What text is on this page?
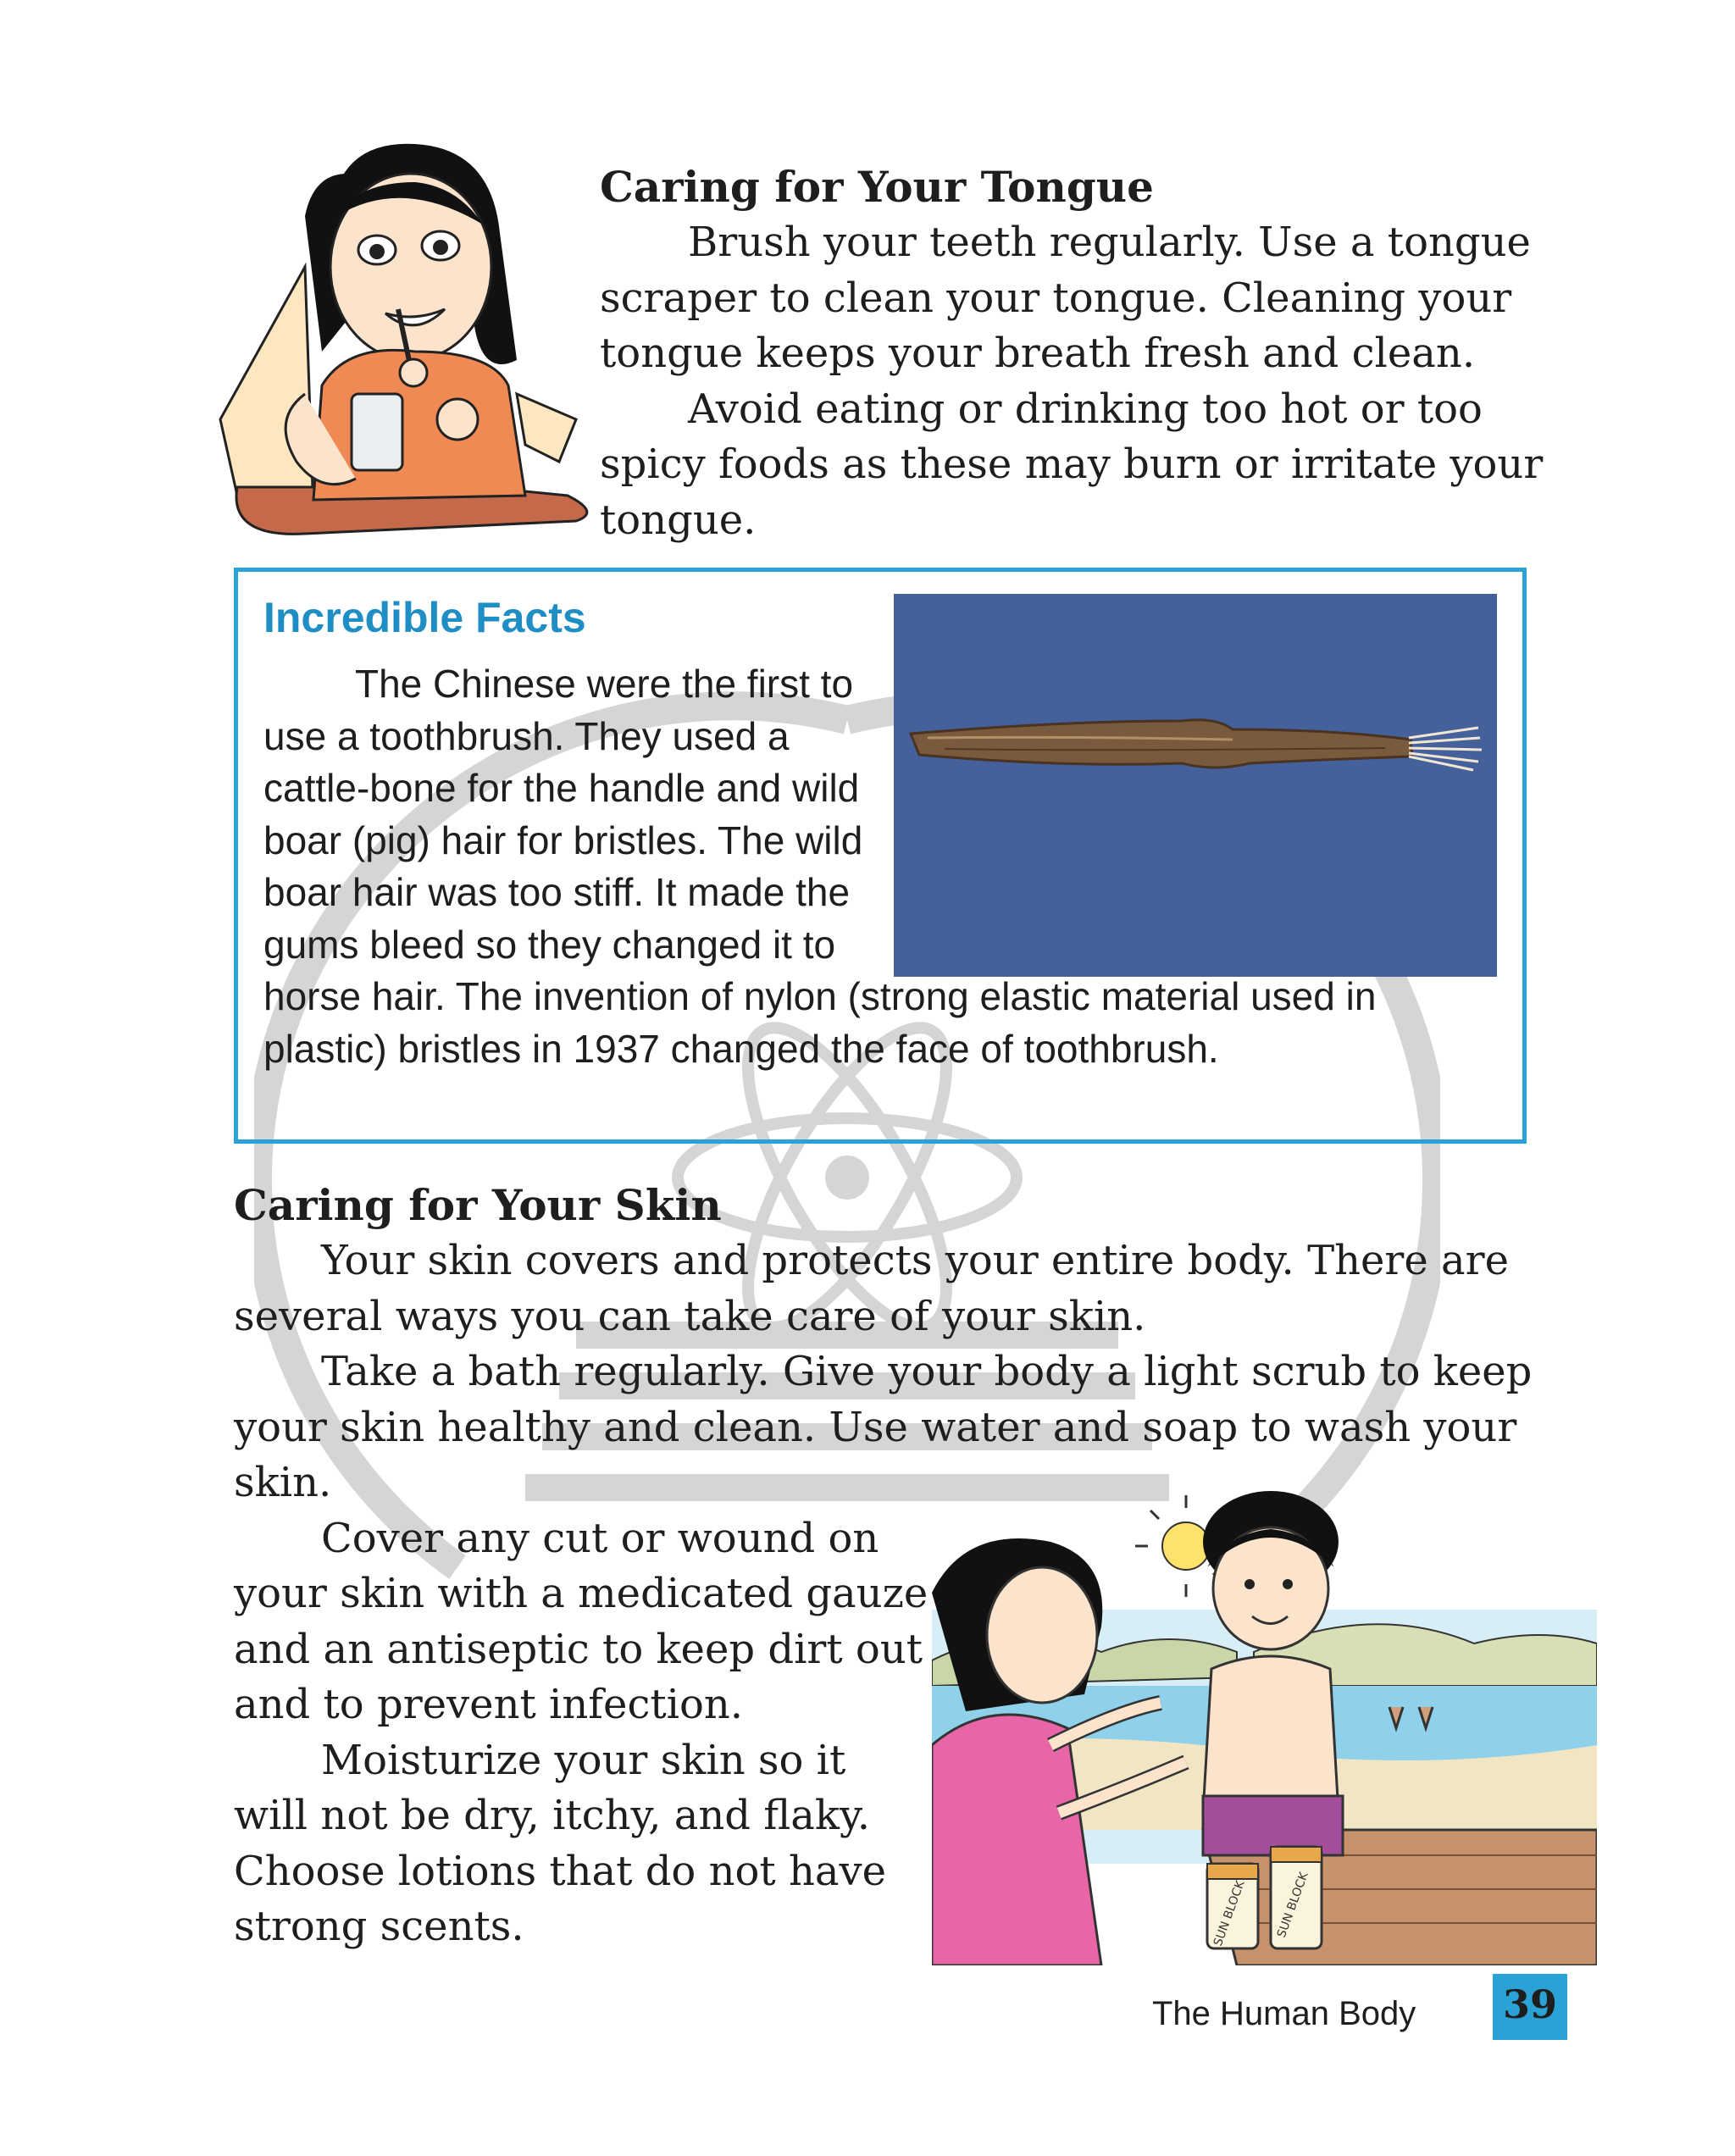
Caring for Your Tongue

Brush your teeth regularly. Use a tongue scraper to clean your tongue. Cleaning your tongue keeps your breath fresh and clean.

Avoid eating or drinking too hot or too spicy foods as these may burn or irritate your tongue.

Incredible Facts

The Chinese were the first to use a toothbrush. They used a cattle-bone for the handle and wild boar (pig) hair for bristles. The wild boar hair was too stiff. It made the gums bleed so they changed it to horse hair. The invention of nylon (strong elastic material used in plastic) bristles in 1937 changed the face of toothbrush.

Caring for Your Skin

Your skin covers and protects your entire body. There are several ways you can take care of your skin.

Take a bath regularly. Give your body a light scrub to keep your skin healthy and clean. Use water and soap to wash your skin.

Cover any cut or wound on your skin with a medicated gauze and an antiseptic to keep dirt out and to prevent infection.

Moisturize your skin so it will not be dry, itchy, and flaky. Choose lotions that do not have strong scents.	SUN BLOCK SUN BLOCK
The Human Body 39
